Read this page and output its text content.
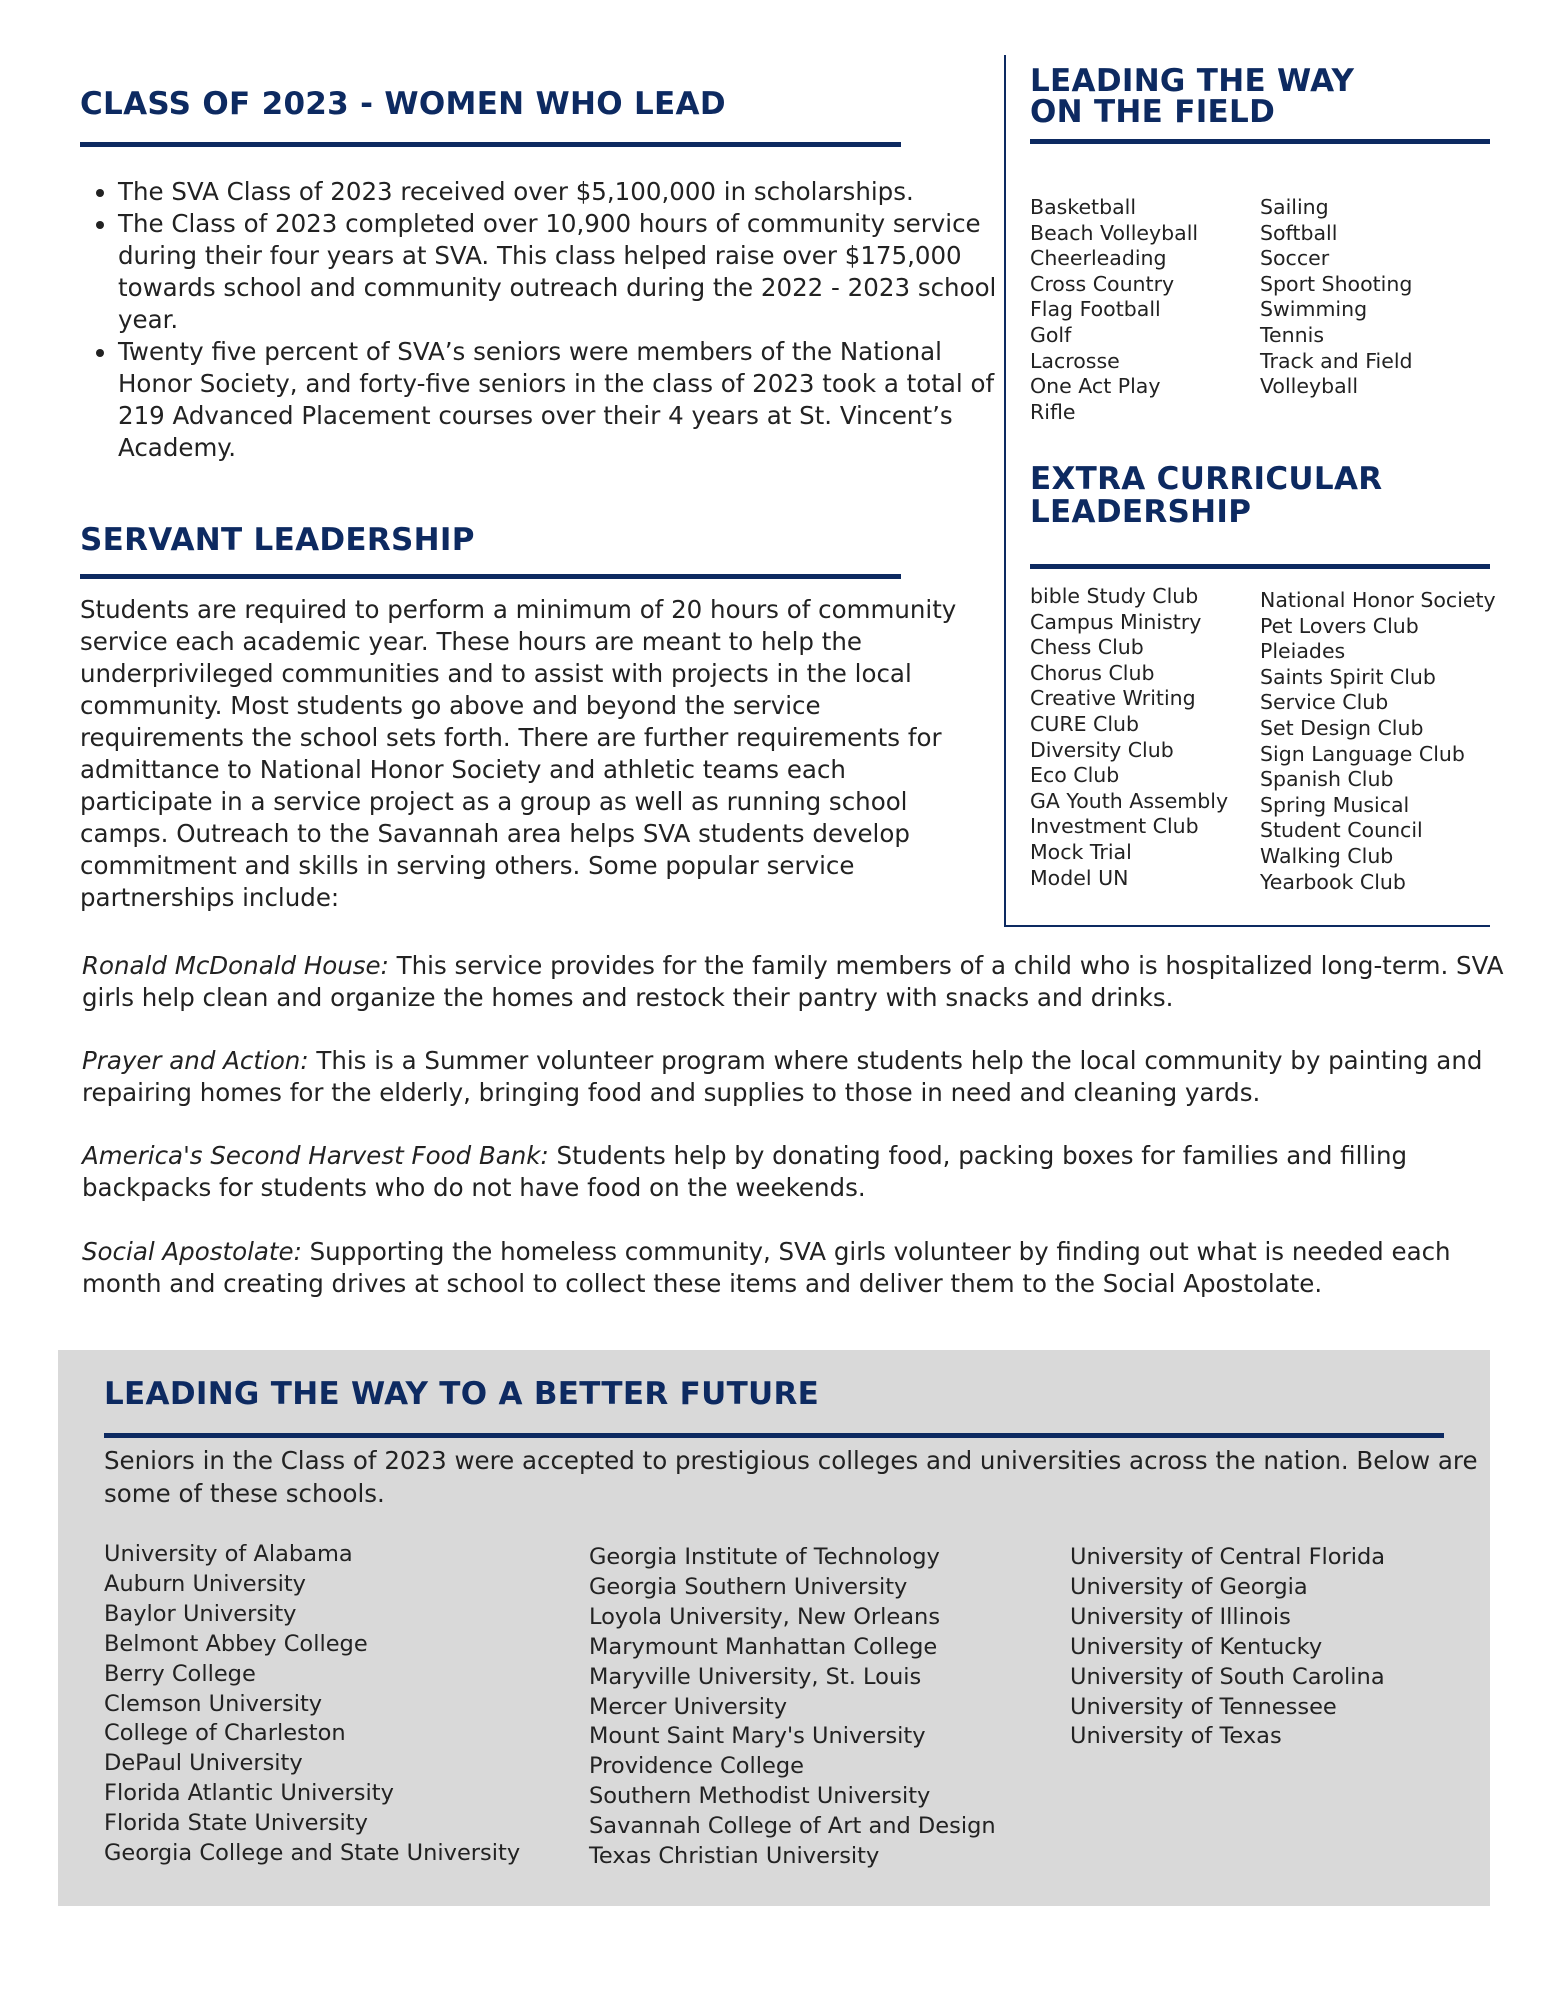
CLASS OF 2023 - WOMEN WHO LEAD
• The SVA Class of 2023 received over $5,100,000 in scholarships.
• The Class of 2023 completed over 10,900 hours of community service during their four years at SVA. This class helped raise over $175,000 towards school and community outreach during the 2022 - 2023 school year.
• Twenty five percent of SVA’s seniors were members of the National Honor Society, and forty-five seniors in the class of 2023 took a total of 219 Advanced Placement courses over their 4 years at St. Vincent’s Academy.
SERVANT LEADERSHIP

Students are required to perform a minimum of 20 hours of community service each academic year. These hours are meant to help the underprivileged communities and to assist with projects in the local community. Most students go above and beyond the service requirements the school sets forth. There are further requirements for admittance to National Honor Society and athletic teams each participate in a service project as a group as well as running school camps. Outreach to the Savannah area helps SVA students develop commitment and skills in serving others. Some popular service partnerships include:

LEADING THE WAY
ON THE FIELD
Basketball
Beach Volleyball
Cheerleading
Cross Country
Flag Football
Golf
Lacrosse
One Act Play
Rifle
Sailing
Softball
Soccer
Sport Shooting
Swimming
Tennis
Track and Field
Volleyball
EXTRA CURRICULAR
LEADERSHIP
bible Study Club
Campus Ministry
Chess Club
Chorus Club
Creative Writing
CURE Club
Diversity Club
Eco Club
GA Youth Assembly
Investment Club
Mock Trial
Model UN
National Honor Society
Pet Lovers Club
Pleiades
Saints Spirit Club
Service Club
Set Design Club
Sign Language Club
Spanish Club
Spring Musical
Student Council
Walking Club
Yearbook Club

Ronald McDonald House: This service provides for the family members of a child who is hospitalized long-term. SVA girls help clean and organize the homes and restock their pantry with snacks and drinks.

Prayer and Action: This is a Summer volunteer program where students help the local community by painting and repairing homes for the elderly, bringing food and supplies to those in need and cleaning yards.

America's Second Harvest Food Bank: Students help by donating food, packing boxes for families and filling backpacks for students who do not have food on the weekends.

Social Apostolate: Supporting the homeless community, SVA girls volunteer by finding out what is needed each month and creating drives at school to collect these items and deliver them to the Social Apostolate.

LEADING THE WAY TO A BETTER FUTURE

Seniors in the Class of 2023 were accepted to prestigious colleges and universities across the nation. Below are some of these schools.

University of Alabama
Auburn University
Baylor University
Belmont Abbey College
Berry College
Clemson University
College of Charleston
DePaul University
Florida Atlantic University
Florida State University
Georgia College and State University
Georgia Institute of Technology
Georgia Southern University
Loyola University, New Orleans
Marymount Manhattan College
Maryville University, St. Louis
Mercer University
Mount Saint Mary's University
Providence College
Southern Methodist University
Savannah College of Art and Design
Texas Christian University
University of Central Florida
University of Georgia
University of Illinois
University of Kentucky
University of South Carolina
University of Tennessee
University of Texas
